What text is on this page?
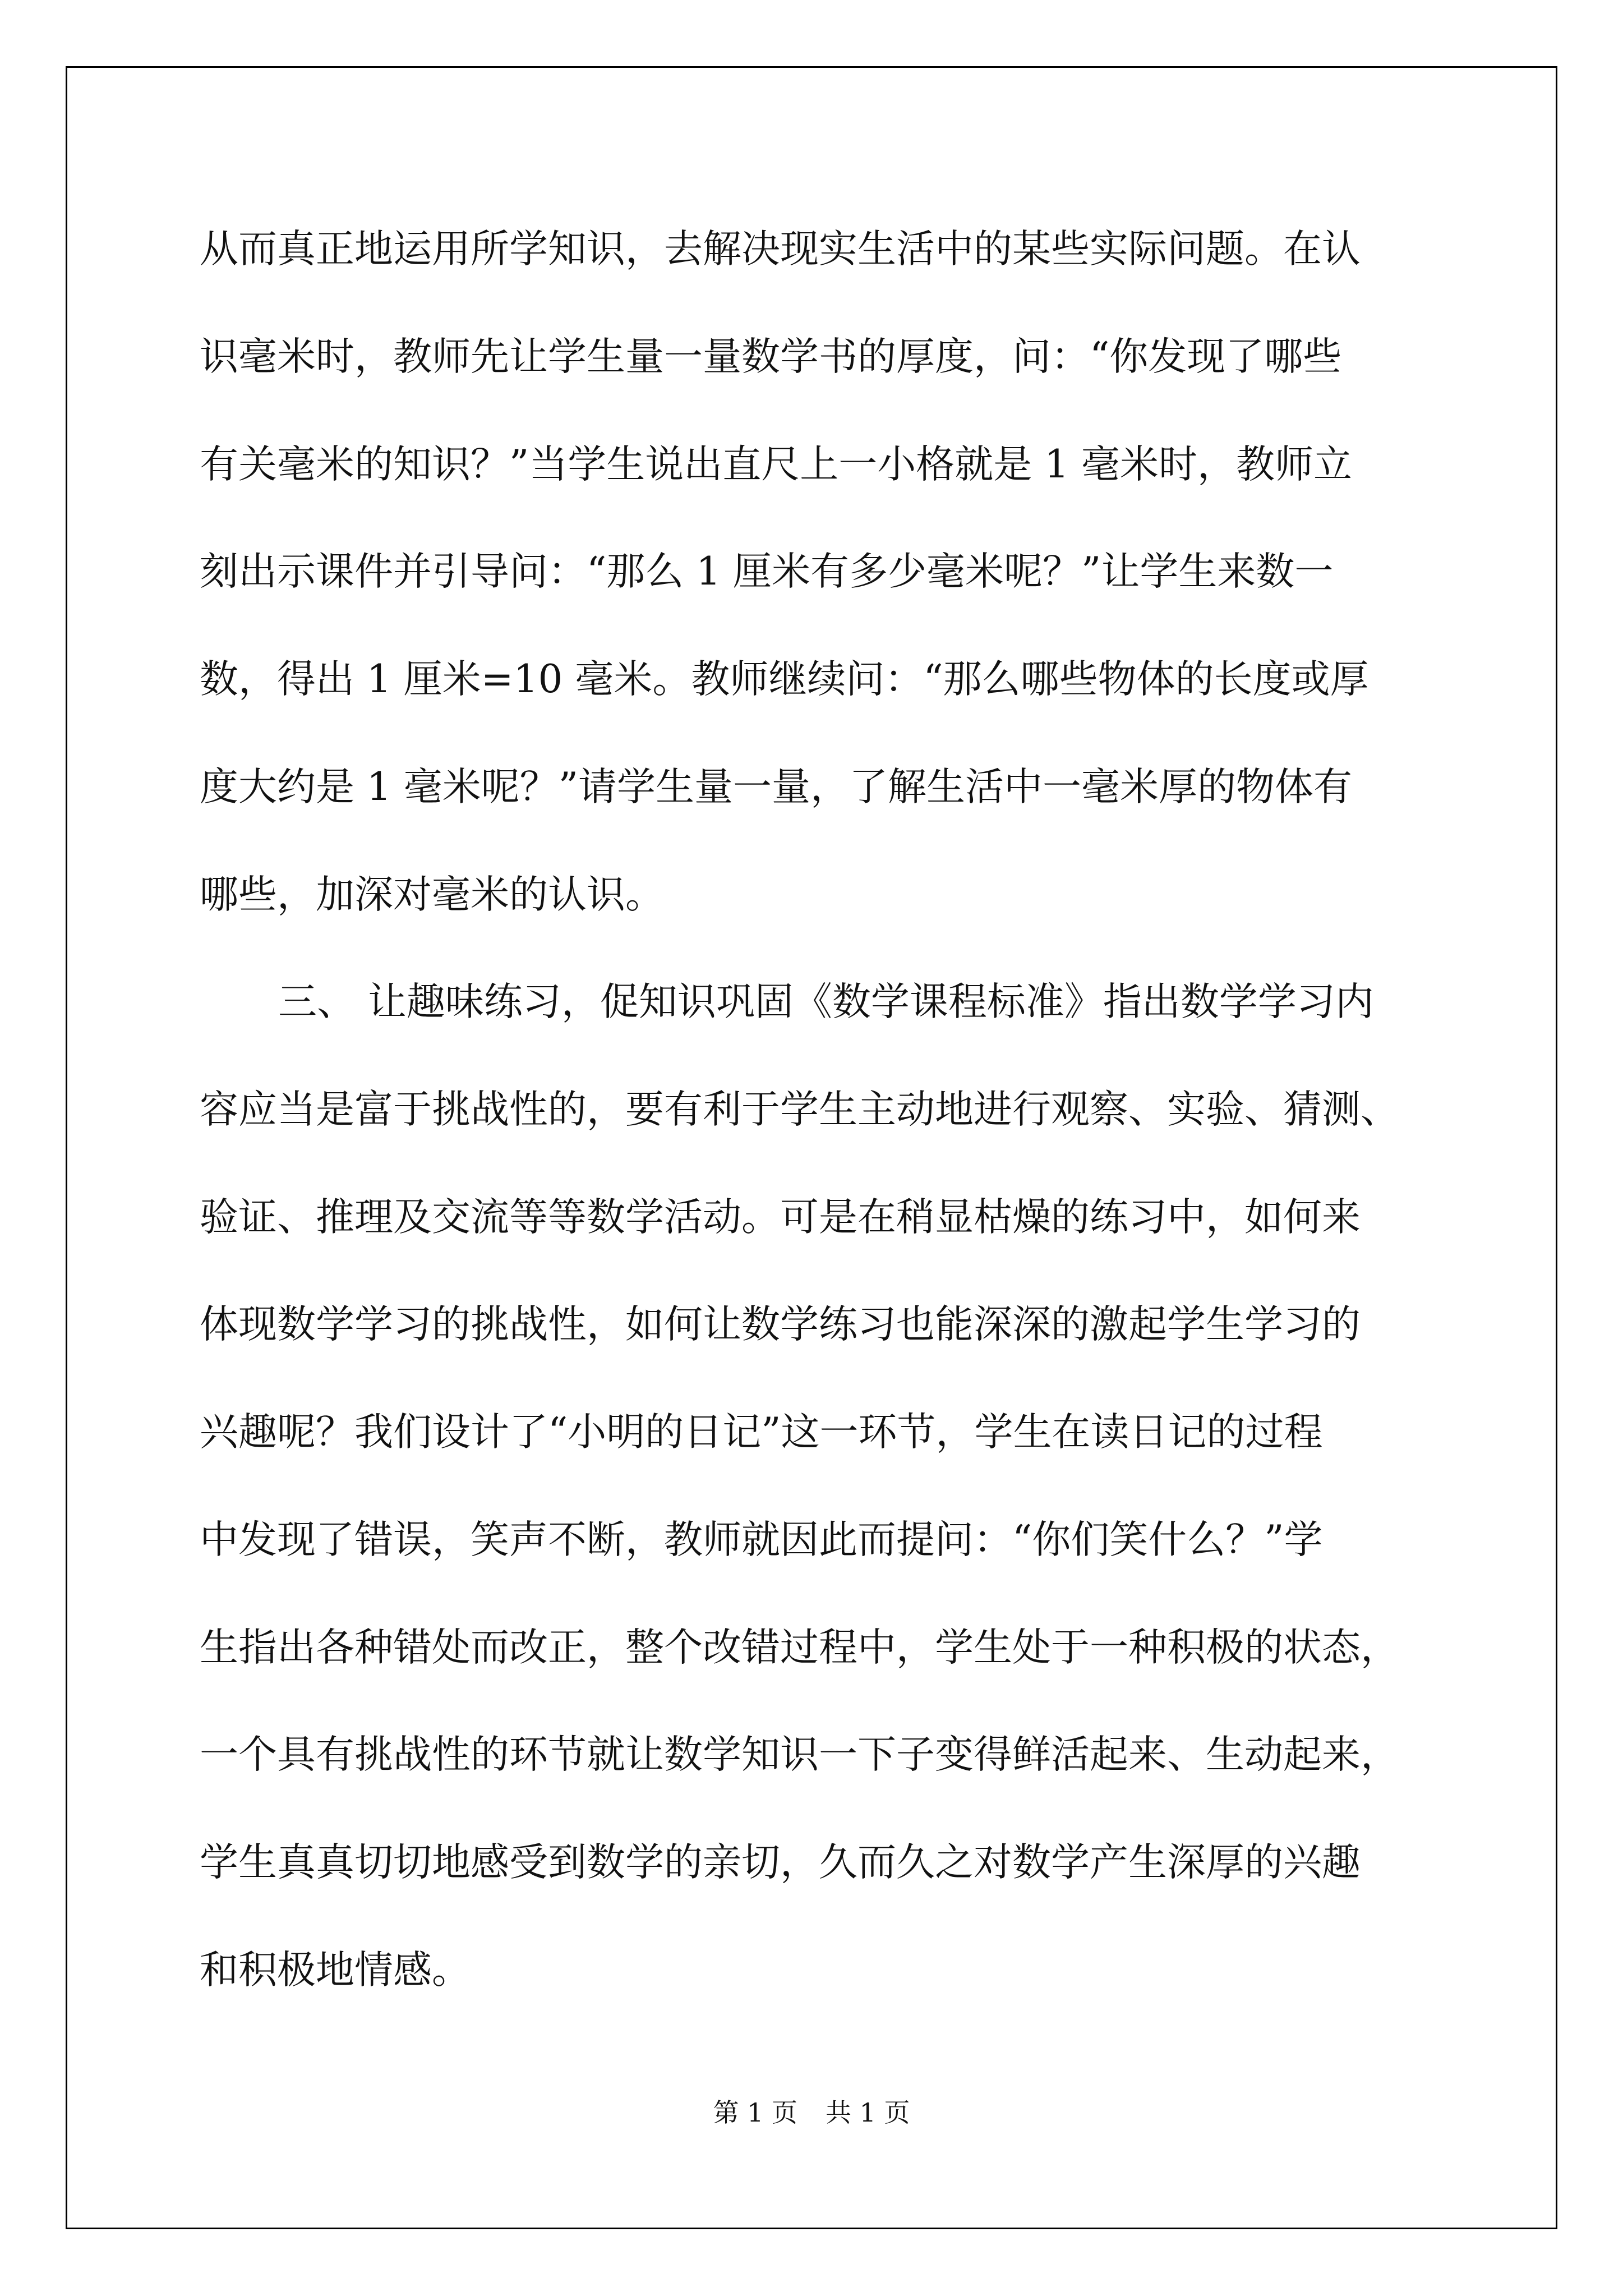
从而真正地运用所学知识，去解决现实生活中的某些实际问题。在认

识毫米时，教师先让学生量一量数学书的厚度，问：“你发现了哪些

有关毫米的知识？”当学生说出直尺上一小格就是 1 毫米时，教师立

刻出示课件并引导问：“那么 1 厘米有多少毫米呢？”让学生来数一

数，得出 1 厘米=10 毫米。教师继续问：“那么哪些物体的长度或厚

度大约是 1 毫米呢？”请学生量一量，了解生活中一毫米厚的物体有

哪些，加深对毫米的认识。

三、 让趣味练习，促知识巩固《数学课程标准》指出数学学习内

容应当是富于挑战性的，要有利于学生主动地进行观察、实验、猜测、

验证、推理及交流等等数学活动。可是在稍显枯燥的练习中，如何来

体现数学学习的挑战性，如何让数学练习也能深深的激起学生学习的

兴趣呢？我们设计了“小明的日记”这一环节，学生在读日记的过程

中发现了错误，笑声不断，教师就因此而提问：“你们笑什么？”学

生指出各种错处而改正，整个改错过程中，学生处于一种积极的状态，

一个具有挑战性的环节就让数学知识一下子变得鲜活起来、生动起来，

学生真真切切地感受到数学的亲切，久而久之对数学产生深厚的兴趣

和积极地情感。

第 1 页 共 1 页
